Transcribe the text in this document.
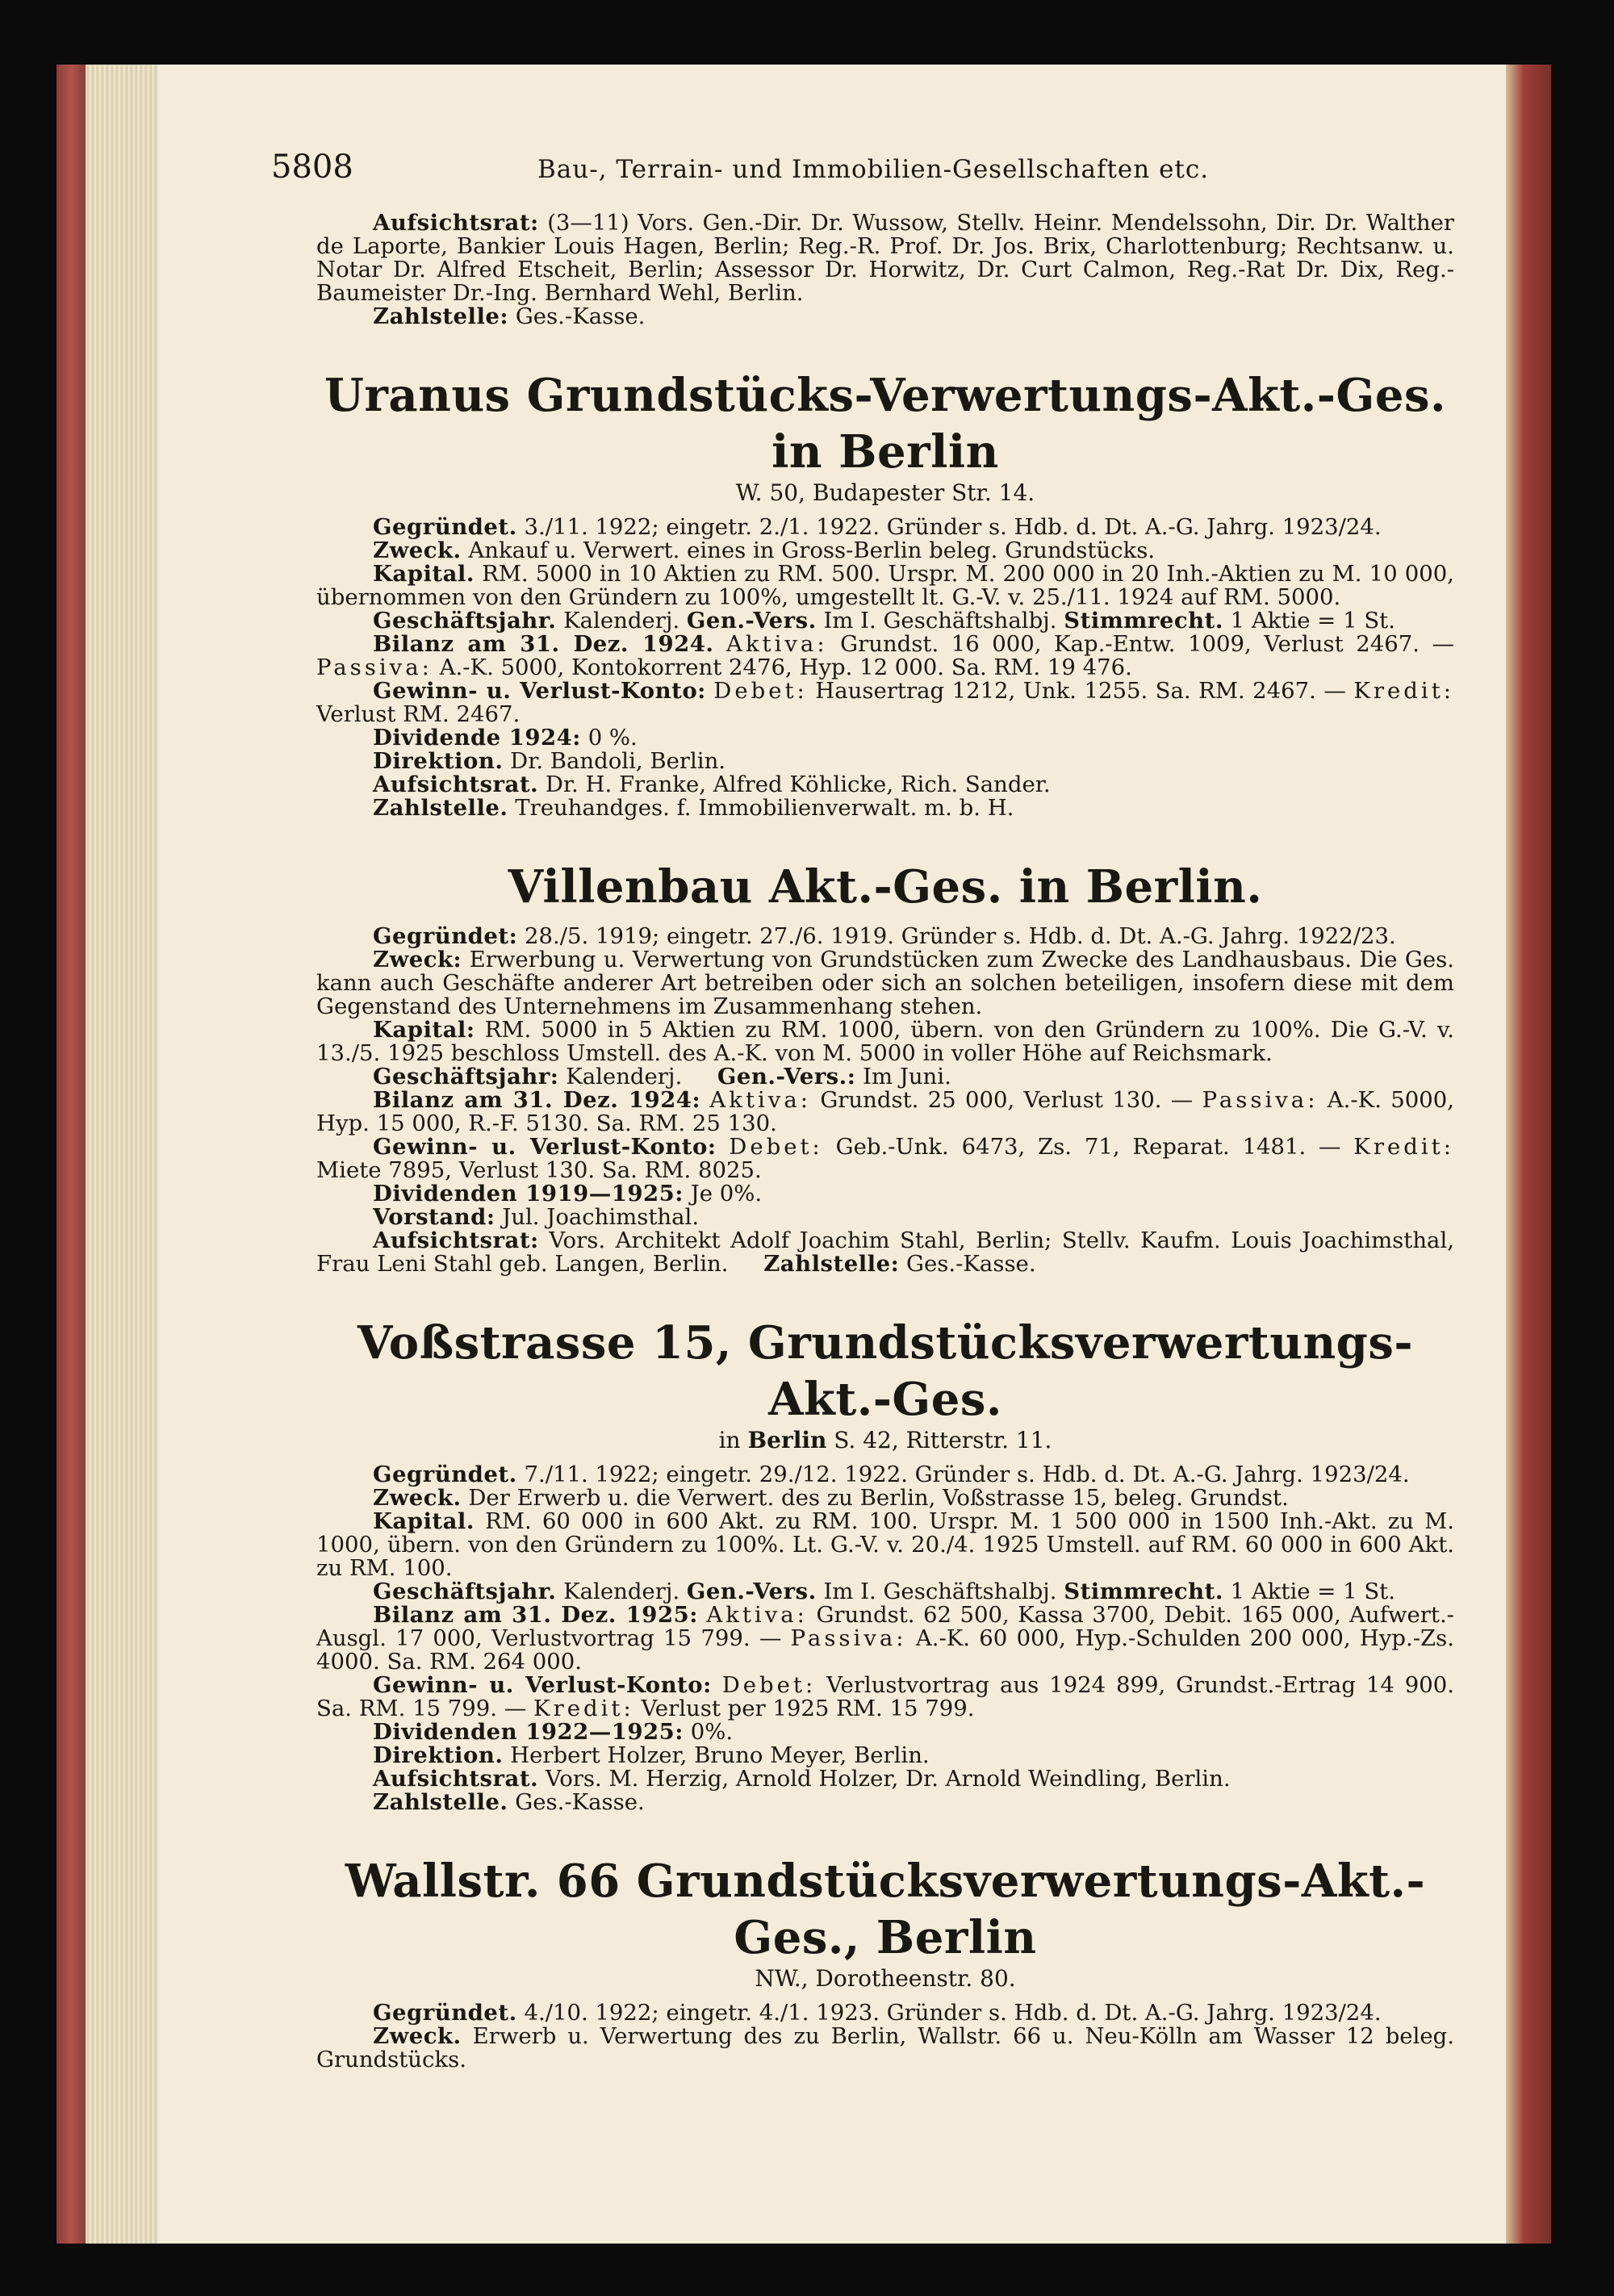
5808	Bau-, Terrain- und Immobilien-Gesellschaften etc.

Aufsichtsrat: (3—11) Vors. Gen.-Dir. Dr. Wussow, Stellv. Heinr. Mendelssohn, Dir. Dr. Walther de Laporte, Bankier Louis Hagen, Berlin; Reg.-R. Prof. Dr. Jos. Brix, Charlottenburg; Rechtsanw. u. Notar Dr. Alfred Etscheit, Berlin; Assessor Dr. Horwitz, Dr. Curt Calmon, Reg.-Rat Dr. Dix, Reg.-Baumeister Dr.-Ing. Bernhard Wehl, Berlin.

Zahlstelle: Ges.-Kasse.

Uranus Grundstücks-Verwertungs-Akt.-Ges. in Berlin
W. 50, Budapester Str. 14.

Gegründet. 3./11. 1922; eingetr. 2./1. 1922. Gründer s. Hdb. d. Dt. A.-G. Jahrg. 1923/24.

Zweck. Ankauf u. Verwert. eines in Gross-Berlin beleg. Grundstücks.

Kapital. RM. 5000 in 10 Aktien zu RM. 500. Urspr. M. 200 000 in 20 Inh.-Aktien zu M. 10 000, übernommen von den Gründern zu 100%, umgestellt lt. G.-V. v. 25./11. 1924 auf RM. 5000.

Geschäftsjahr. Kalenderj. Gen.-Vers. Im I. Geschäftshalbj. Stimmrecht. 1 Aktie = 1 St.

Bilanz am 31. Dez. 1924. Aktiva: Grundst. 16 000, Kap.-Entw. 1009, Verlust 2467. — Passiva: A.-K. 5000, Kontokorrent 2476, Hyp. 12 000. Sa. RM. 19 476.

Gewinn- u. Verlust-Konto: Debet: Hausertrag 1212, Unk. 1255. Sa. RM. 2467. — Kredit: Verlust RM. 2467.

Dividende 1924: 0 %.

Direktion. Dr. Bandoli, Berlin.

Aufsichtsrat. Dr. H. Franke, Alfred Köhlicke, Rich. Sander.

Zahlstelle. Treuhandges. f. Immobilienverwalt. m. b. H.

Villenbau Akt.-Ges. in Berlin.

Gegründet: 28./5. 1919; eingetr. 27./6. 1919. Gründer s. Hdb. d. Dt. A.-G. Jahrg. 1922/23.

Zweck: Erwerbung u. Verwertung von Grundstücken zum Zwecke des Landhausbaus. Die Ges. kann auch Geschäfte anderer Art betreiben oder sich an solchen beteiligen, insofern diese mit dem Gegenstand des Unternehmens im Zusammenhang stehen.

Kapital: RM. 5000 in 5 Aktien zu RM. 1000, übern. von den Gründern zu 100%. Die G.-V. v. 13./5. 1925 beschloss Umstell. des A.-K. von M. 5000 in voller Höhe auf Reichsmark.

Geschäftsjahr: Kalenderj. Gen.-Vers.: Im Juni.

Bilanz am 31. Dez. 1924: Aktiva: Grundst. 25 000, Verlust 130. — Passiva: A.-K. 5000, Hyp. 15 000, R.-F. 5130. Sa. RM. 25 130.

Gewinn- u. Verlust-Konto: Debet: Geb.-Unk. 6473, Zs. 71, Reparat. 1481. — Kredit: Miete 7895, Verlust 130. Sa. RM. 8025.

Dividenden 1919—1925: Je 0%.

Vorstand: Jul. Joachimsthal.

Aufsichtsrat: Vors. Architekt Adolf Joachim Stahl, Berlin; Stellv. Kaufm. Louis Joachimsthal, Frau Leni Stahl geb. Langen, Berlin. Zahlstelle: Ges.-Kasse.

Voßstrasse 15, Grundstücksverwertungs-Akt.-Ges.
in Berlin S. 42, Ritterstr. 11.

Gegründet. 7./11. 1922; eingetr. 29./12. 1922. Gründer s. Hdb. d. Dt. A.-G. Jahrg. 1923/24.

Zweck. Der Erwerb u. die Verwert. des zu Berlin, Voßstrasse 15, beleg. Grundst.

Kapital. RM. 60 000 in 600 Akt. zu RM. 100. Urspr. M. 1 500 000 in 1500 Inh.-Akt. zu M. 1000, übern. von den Gründern zu 100%. Lt. G.-V. v. 20./4. 1925 Umstell. auf RM. 60 000 in 600 Akt. zu RM. 100.

Geschäftsjahr. Kalenderj. Gen.-Vers. Im I. Geschäftshalbj. Stimmrecht. 1 Aktie = 1 St.

Bilanz am 31. Dez. 1925: Aktiva: Grundst. 62 500, Kassa 3700, Debit. 165 000, Aufwert.-Ausgl. 17 000, Verlustvortrag 15 799. — Passiva: A.-K. 60 000, Hyp.-Schulden 200 000, Hyp.-Zs. 4000. Sa. RM. 264 000.

Gewinn- u. Verlust-Konto: Debet: Verlustvortrag aus 1924 899, Grundst.-Ertrag 14 900. Sa. RM. 15 799. — Kredit: Verlust per 1925 RM. 15 799.

Dividenden 1922—1925: 0%.

Direktion. Herbert Holzer, Bruno Meyer, Berlin.

Aufsichtsrat. Vors. M. Herzig, Arnold Holzer, Dr. Arnold Weindling, Berlin.

Zahlstelle. Ges.-Kasse.

Wallstr. 66 Grundstücksverwertungs-Akt.-Ges., Berlin
NW., Dorotheenstr. 80.

Gegründet. 4./10. 1922; eingetr. 4./1. 1923. Gründer s. Hdb. d. Dt. A.-G. Jahrg. 1923/24.

Zweck. Erwerb u. Verwertung des zu Berlin, Wallstr. 66 u. Neu-Kölln am Wasser 12 beleg. Grundstücks.
